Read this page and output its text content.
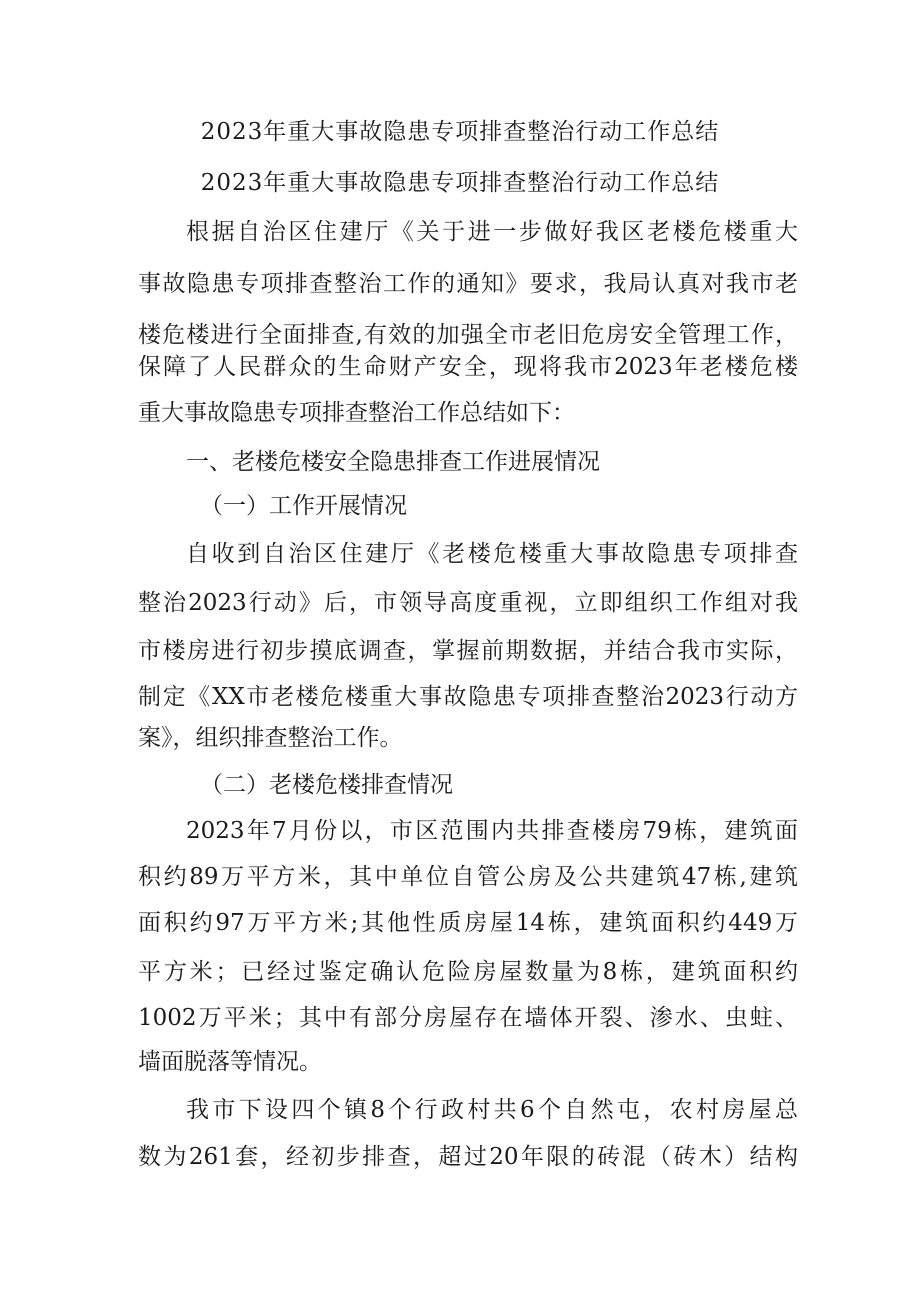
2023年重大事故隐患专项排查整治行动工作总结
2023年重大事故隐患专项排查整治行动工作总结
根据自治区住建厅《关于进一步做好我区老楼危楼重大
事故隐患专项排查整治工作的通知》要求，我局认真对我市老
楼危楼进行全面排查,有效的加强全市老旧危房安全管理工作，
保障了人民群众的生命财产安全，现将我市2023年老楼危楼
重大事故隐患专项排查整治工作总结如下：
一、老楼危楼安全隐患排查工作进展情况
（一）工作开展情况
自收到自治区住建厅《老楼危楼重大事故隐患专项排查
整治2023行动》后，市领导高度重视，立即组织工作组对我
市楼房进行初步摸底调查，掌握前期数据，并结合我市实际，
制定《XX市老楼危楼重大事故隐患专项排查整治2023行动方
案》，组织排查整治工作。
（二）老楼危楼排查情况
2023年7月份以，市区范围内共排查楼房79栋，建筑面
积约89万平方米，其中单位自管公房及公共建筑47栋,建筑
面积约97万平方米;其他性质房屋14栋，建筑面积约449万
平方米；已经过鉴定确认危险房屋数量为8栋，建筑面积约
1002万平米；其中有部分房屋存在墙体开裂、渗水、虫蛀、
墙面脱落等情况。
我市下设四个镇8个行政村共6个自然屯，农村房屋总
数为261套，经初步排查，超过20年限的砖混（砖木）结构
